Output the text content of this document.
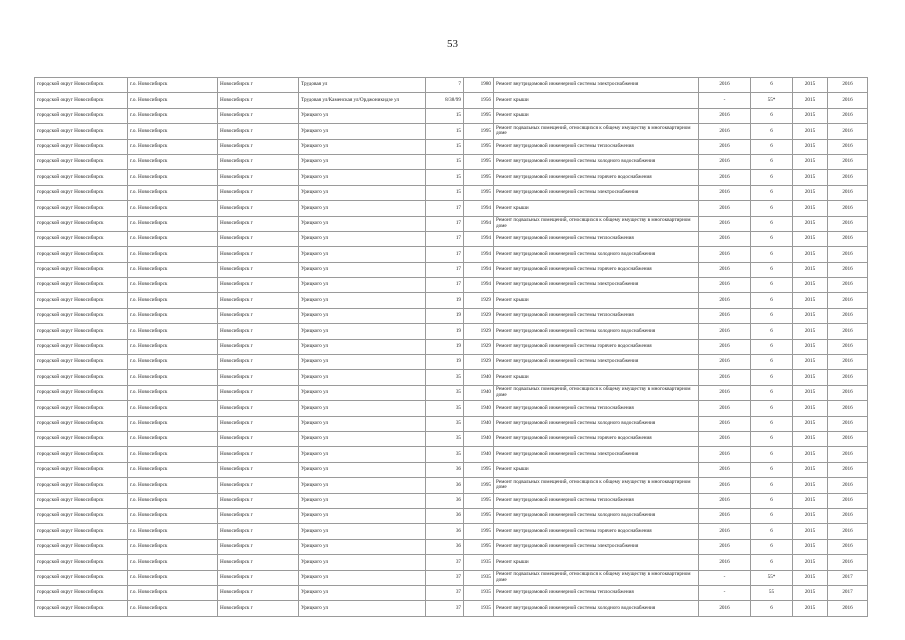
53
городской округ Новосибирск	г.о. Новосибирск	Новосибирск г	Трудовая ул	7	1980	Ремонт внутридомовой инженерной системы электроснабжения	2016	6	2015	2016
городской округ Новосибирск	г.о. Новосибирск	Новосибирск г	Трудовая ул/Каменская ул/Орджоникидзе ул	8/38/99	1956	Ремонт крыши	-	55*	2015	2016
городской округ Новосибирск	г.о. Новосибирск	Новосибирск г	Урицкого ул	15	1995	Ремонт крыши	2016	6	2015	2016
городской округ Новосибирск	г.о. Новосибирск	Новосибирск г	Урицкого ул	15	1995	Ремонт подвальных помещений, относящихся к общему имуществу в многоквартирном доме	2016	6	2015	2016
городской округ Новосибирск	г.о. Новосибирск	Новосибирск г	Урицкого ул	15	1995	Ремонт внутридомовой инженерной системы теплоснабжения	2016	6	2015	2016
городской округ Новосибирск	г.о. Новосибирск	Новосибирск г	Урицкого ул	15	1995	Ремонт внутридомовой инженерной системы холодного водоснабжения	2016	6	2015	2016
городской округ Новосибирск	г.о. Новосибирск	Новосибирск г	Урицкого ул	15	1995	Ремонт внутридомовой инженерной системы горячего водоснабжения	2016	6	2015	2016
городской округ Новосибирск	г.о. Новосибирск	Новосибирск г	Урицкого ул	15	1995	Ремонт внутридомовой инженерной системы электроснабжения	2016	6	2015	2016
городской округ Новосибирск	г.о. Новосибирск	Новосибирск г	Урицкого ул	17	1994	Ремонт крыши	2016	6	2015	2016
городской округ Новосибирск	г.о. Новосибирск	Новосибирск г	Урицкого ул	17	1994	Ремонт подвальных помещений, относящихся к общему имуществу в многоквартирном доме	2016	6	2015	2016
городской округ Новосибирск	г.о. Новосибирск	Новосибирск г	Урицкого ул	17	1994	Ремонт внутридомовой инженерной системы теплоснабжения	2016	6	2015	2016
городской округ Новосибирск	г.о. Новосибирск	Новосибирск г	Урицкого ул	17	1994	Ремонт внутридомовой инженерной системы холодного водоснабжения	2016	6	2015	2016
городской округ Новосибирск	г.о. Новосибирск	Новосибирск г	Урицкого ул	17	1994	Ремонт внутридомовой инженерной системы горячего водоснабжения	2016	6	2015	2016
городской округ Новосибирск	г.о. Новосибирск	Новосибирск г	Урицкого ул	17	1994	Ремонт внутридомовой инженерной системы электроснабжения	2016	6	2015	2016
городской округ Новосибирск	г.о. Новосибирск	Новосибирск г	Урицкого ул	19	1929	Ремонт крыши	2016	6	2015	2016
городской округ Новосибирск	г.о. Новосибирск	Новосибирск г	Урицкого ул	19	1929	Ремонт внутридомовой инженерной системы теплоснабжения	2016	6	2015	2016
городской округ Новосибирск	г.о. Новосибирск	Новосибирск г	Урицкого ул	19	1929	Ремонт внутридомовой инженерной системы холодного водоснабжения	2016	6	2015	2016
городской округ Новосибирск	г.о. Новосибирск	Новосибирск г	Урицкого ул	19	1929	Ремонт внутридомовой инженерной системы горячего водоснабжения	2016	6	2015	2016
городской округ Новосибирск	г.о. Новосибирск	Новосибирск г	Урицкого ул	19	1929	Ремонт внутридомовой инженерной системы электроснабжения	2016	6	2015	2016
городской округ Новосибирск	г.о. Новосибирск	Новосибирск г	Урицкого ул	35	1940	Ремонт крыши	2016	6	2015	2016
городской округ Новосибирск	г.о. Новосибирск	Новосибирск г	Урицкого ул	35	1940	Ремонт подвальных помещений, относящихся к общему имуществу в многоквартирном доме	2016	6	2015	2016
городской округ Новосибирск	г.о. Новосибирск	Новосибирск г	Урицкого ул	35	1940	Ремонт внутридомовой инженерной системы теплоснабжения	2016	6	2015	2016
городской округ Новосибирск	г.о. Новосибирск	Новосибирск г	Урицкого ул	35	1940	Ремонт внутридомовой инженерной системы холодного водоснабжения	2016	6	2015	2016
городской округ Новосибирск	г.о. Новосибирск	Новосибирск г	Урицкого ул	35	1940	Ремонт внутридомовой инженерной системы горячего водоснабжения	2016	6	2015	2016
городской округ Новосибирск	г.о. Новосибирск	Новосибирск г	Урицкого ул	35	1940	Ремонт внутридомовой инженерной системы электроснабжения	2016	6	2015	2016
городской округ Новосибирск	г.о. Новосибирск	Новосибирск г	Урицкого ул	36	1995	Ремонт крыши	2016	6	2015	2016
городской округ Новосибирск	г.о. Новосибирск	Новосибирск г	Урицкого ул	36	1995	Ремонт подвальных помещений, относящихся к общему имуществу в многоквартирном доме	2016	6	2015	2016
городской округ Новосибирск	г.о. Новосибирск	Новосибирск г	Урицкого ул	36	1995	Ремонт внутридомовой инженерной системы теплоснабжения	2016	6	2015	2016
городской округ Новосибирск	г.о. Новосибирск	Новосибирск г	Урицкого ул	36	1995	Ремонт внутридомовой инженерной системы холодного водоснабжения	2016	6	2015	2016
городской округ Новосибирск	г.о. Новосибирск	Новосибирск г	Урицкого ул	36	1995	Ремонт внутридомовой инженерной системы горячего водоснабжения	2016	6	2015	2016
городской округ Новосибирск	г.о. Новосибирск	Новосибирск г	Урицкого ул	36	1995	Ремонт внутридомовой инженерной системы электроснабжения	2016	6	2015	2016
городской округ Новосибирск	г.о. Новосибирск	Новосибирск г	Урицкого ул	37	1935	Ремонт крыши	2016	6	2015	2016
городской округ Новосибирск	г.о. Новосибирск	Новосибирск г	Урицкого ул	37	1935	Ремонт подвальных помещений, относящихся к общему имуществу в многоквартирном доме	-	55*	2015	2017
городской округ Новосибирск	г.о. Новосибирск	Новосибирск г	Урицкого ул	37	1935	Ремонт внутридомовой инженерной системы теплоснабжения	-	55	2015	2017
городской округ Новосибирск	г.о. Новосибирск	Новосибирск г	Урицкого ул	37	1935	Ремонт внутридомовой инженерной системы холодного водоснабжения	2016	6	2015	2016
